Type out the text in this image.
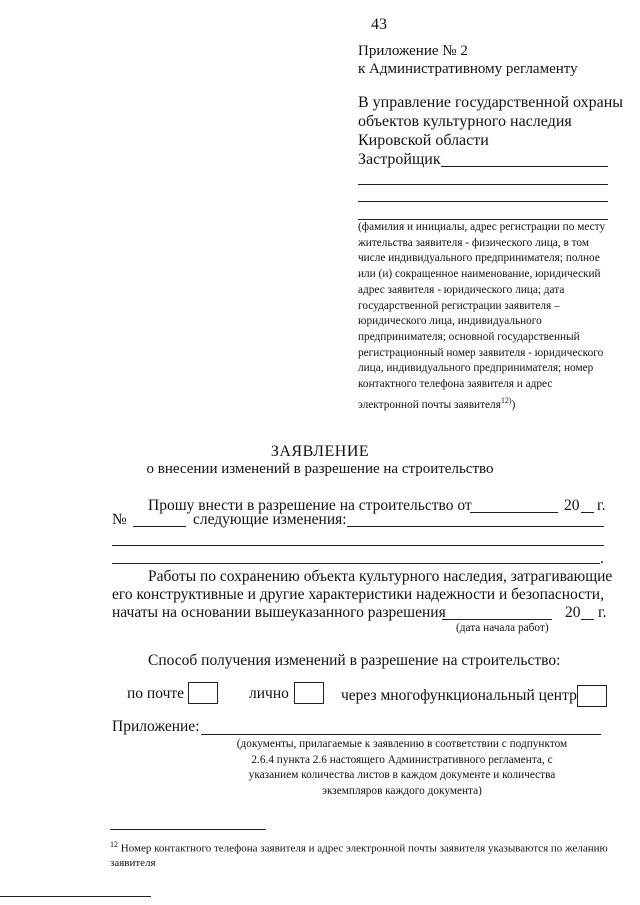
43
Приложение № 2
к Административному регламенту
В управление государственной охраны
объектов культурного наследия
Кировской области
Застройщик
(фамилия и инициалы, адрес регистрации по месту жительства заявителя - физического лица, в том числе индивидуального предпринимателя; полное или (и) сокращенное наименование, юридический адрес заявителя - юридического лица; дата государственной регистрации заявителя – юридического лица, индивидуального предпринимателя; основной государственный регистрационный номер заявителя - юридического лица, индивидуального предпринимателя; номер контактного телефона заявителя и адрес электронной почты заявителя$^{12)}$)
ЗАЯВЛЕНИЕ
о внесении изменений в разрешение на строительство
Прошу внести в разрешение на строительство от	20 г.
№	следующие изменения:
.
Работы по сохранению объекта культурного наследия, затрагивающие
его конструктивные и другие характеристики надежности и безопасности,
начаты на основании вышеуказанного разрешения	20 г.
(дата начала работ)
Способ получения изменений в разрешение на строительство:
по почте	лично	через многофункциональный центр
Приложение:
(документы, прилагаемые к заявлению в соответствии с подпунктом
2.6.4 пункта 2.6 настоящего Административного регламента, с
указанием количества листов в каждом документе и количества
экземпляров каждого документа)
$^{12}$ Номер контактного телефона заявителя и адрес электронной почты заявителя указываются по желанию заявителя
